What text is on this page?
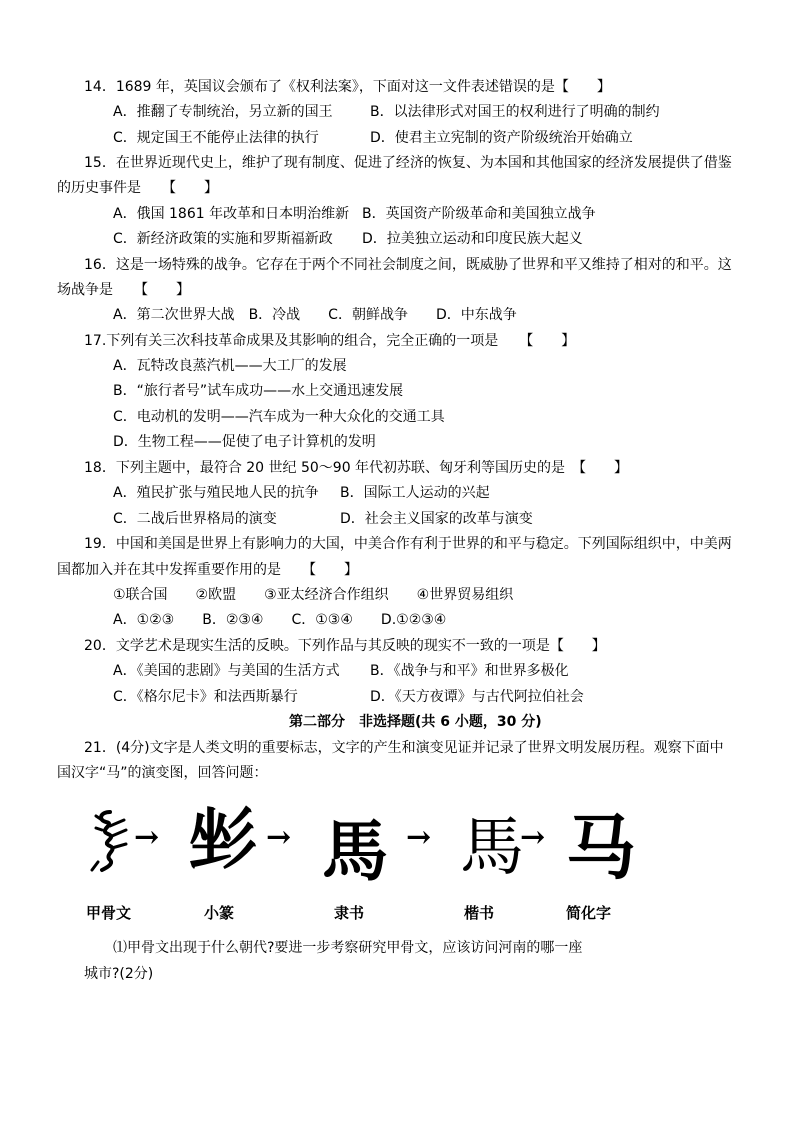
14．1689 年，英国议会颁布了《权利法案》，下面对这一文件表述错误的是【　　】
A．推翻了专制统治，另立新的国王	B．以法律形式对国王的权利进行了明确的制约
C．规定国王不能停止法律的执行	D．使君主立宪制的资产阶级统治开始确立
15．在世界近现代史上，维护了现有制度、促进了经济的恢复、为本国和其他国家的经济发展提供了借鉴
的历史事件是　　【　　】
A．俄国 1861 年改革和日本明治维新 B．英国资产阶级革命和美国独立战争
C．新经济政策的实施和罗斯福新政 D．拉美独立运动和印度民族大起义
16．这是一场特殊的战争。它存在于两个不同社会制度之间，既威胁了世界和平又维持了相对的和平。这
场战争是　　【　　】
A．第二次世界大战　B．冷战　　C．朝鲜战争　　D．中东战争
17.下列有关三次科技革命成果及其影响的组合，完全正确的一项是　　【　　】
A．瓦特改良蒸汽机——大工厂的发展
B．“旅行者号”试车成功——水上交通迅速发展
C．电动机的发明——汽车成为一种大众化的交通工具
D．生物工程——促使了电子计算机的发明
18．下列主题中，最符合 20 世纪 50～90 年代初苏联、匈牙利等国历史的是　【　　】
A．殖民扩张与殖民地人民的抗争 B．国际工人运动的兴起
C．二战后世界格局的演变	D．社会主义国家的改革与演变
19．中国和美国是世界上有影响力的大国，中美合作有利于世界的和平与稳定。下列国际组织中，中美两
国都加入并在其中发挥重要作用的是　　【　　】
①联合国　　②欧盟　　③亚太经济合作组织　　④世界贸易组织
A．①②③　　B．②③④　　C．①③④　　D.①②③④
20．文学艺术是现实生活的反映。下列作品与其反映的现实不一致的一项是【　　】
A．《美国的悲剧》与美国的生活方式 B．《战争与和平》和世界多极化
C．《格尔尼卡》和法西斯暴行	D．《天方夜谭》与古代阿拉伯社会
第二部分　非选择题(共 6 小题，30 分)
21．(4分)文字是人类文明的重要标志，文字的产生和演变见证并记录了世界文明发展历程。观察下面中
国汉字“马”的演变图，回答问题：
→ 𢒐 → 馬 → 馬
→ 马
甲骨文	小篆	隶书	楷书	简化字
⑴甲骨文出现于什么朝代?要进一步考察研究甲骨文，应该访问河南的哪一座
城市?(2分)
